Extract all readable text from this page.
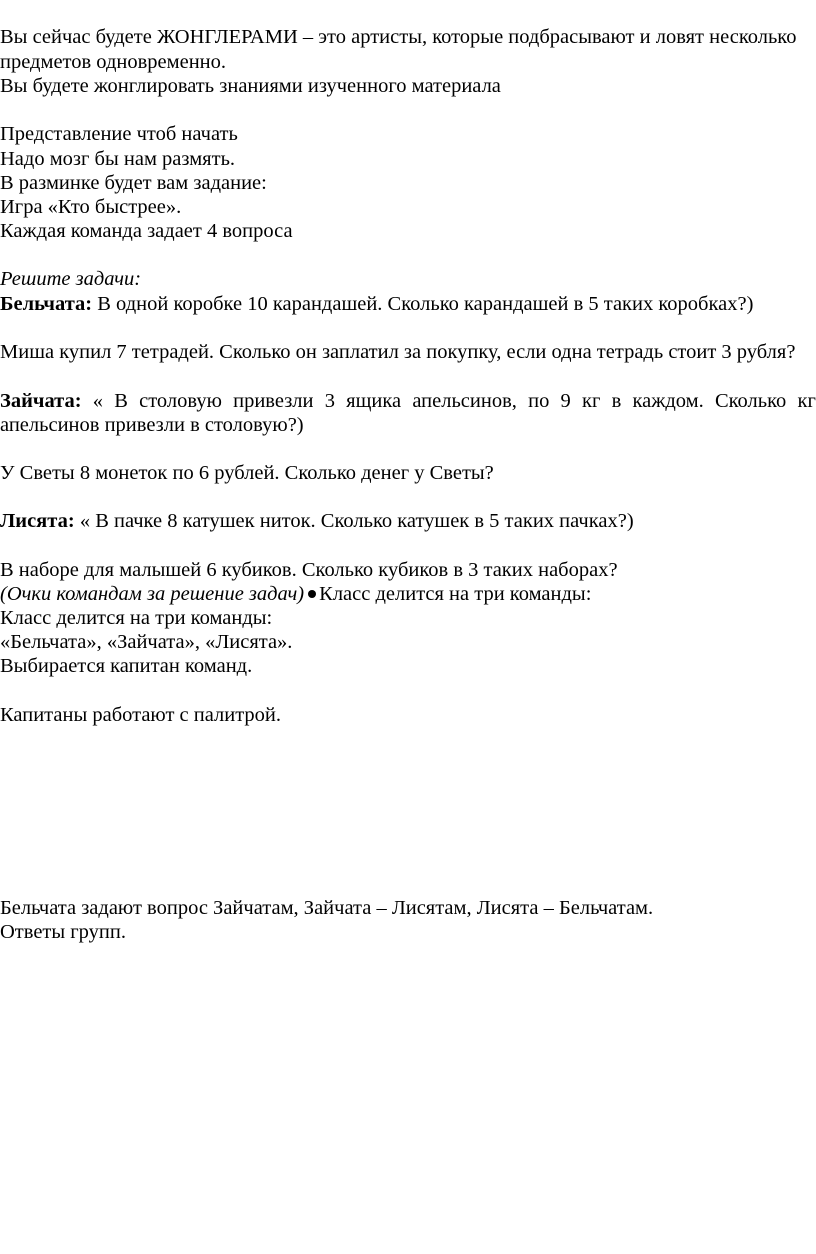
Вы сейчас будете ЖОНГЛЕРАМИ – это артисты, которые подбрасывают и ловят несколько
предметов одновременно.
Вы будете жонглировать знаниями изученного материала
Представление чтоб начать
Надо мозг бы нам размять.
В разминке будет вам задание:
Игра «Кто быстрее».
Каждая команда задает 4 вопроса
Решите задачи:
Бельчата: В одной коробке 10 карандашей. Сколько карандашей в 5 таких коробках?)
Миша купил 7 тетрадей. Сколько он заплатил за покупку, если одна тетрадь стоит 3 рубля?
Зайчата: « В столовую привезли 3 ящика апельсинов, по 9 кг в каждом. Сколько кг
апельсинов привезли в столовую?)
У Светы 8 монеток по 6 рублей. Сколько денег у Светы?
Лисята: « В пачке 8 катушек ниток. Сколько катушек в 5 таких пачках?)
В наборе для малышей 6 кубиков. Сколько кубиков в 3 таких наборах?
(Очки командам за решение задач) Класс делится на три команды:
Класс делится на три команды:
«Бельчата», «Зайчата», «Лисята».
Выбирается капитан команд.
Капитаны работают с палитрой.
Бельчата задают вопрос Зайчатам, Зайчата – Лисятам, Лисята – Бельчатам.
Ответы групп.
